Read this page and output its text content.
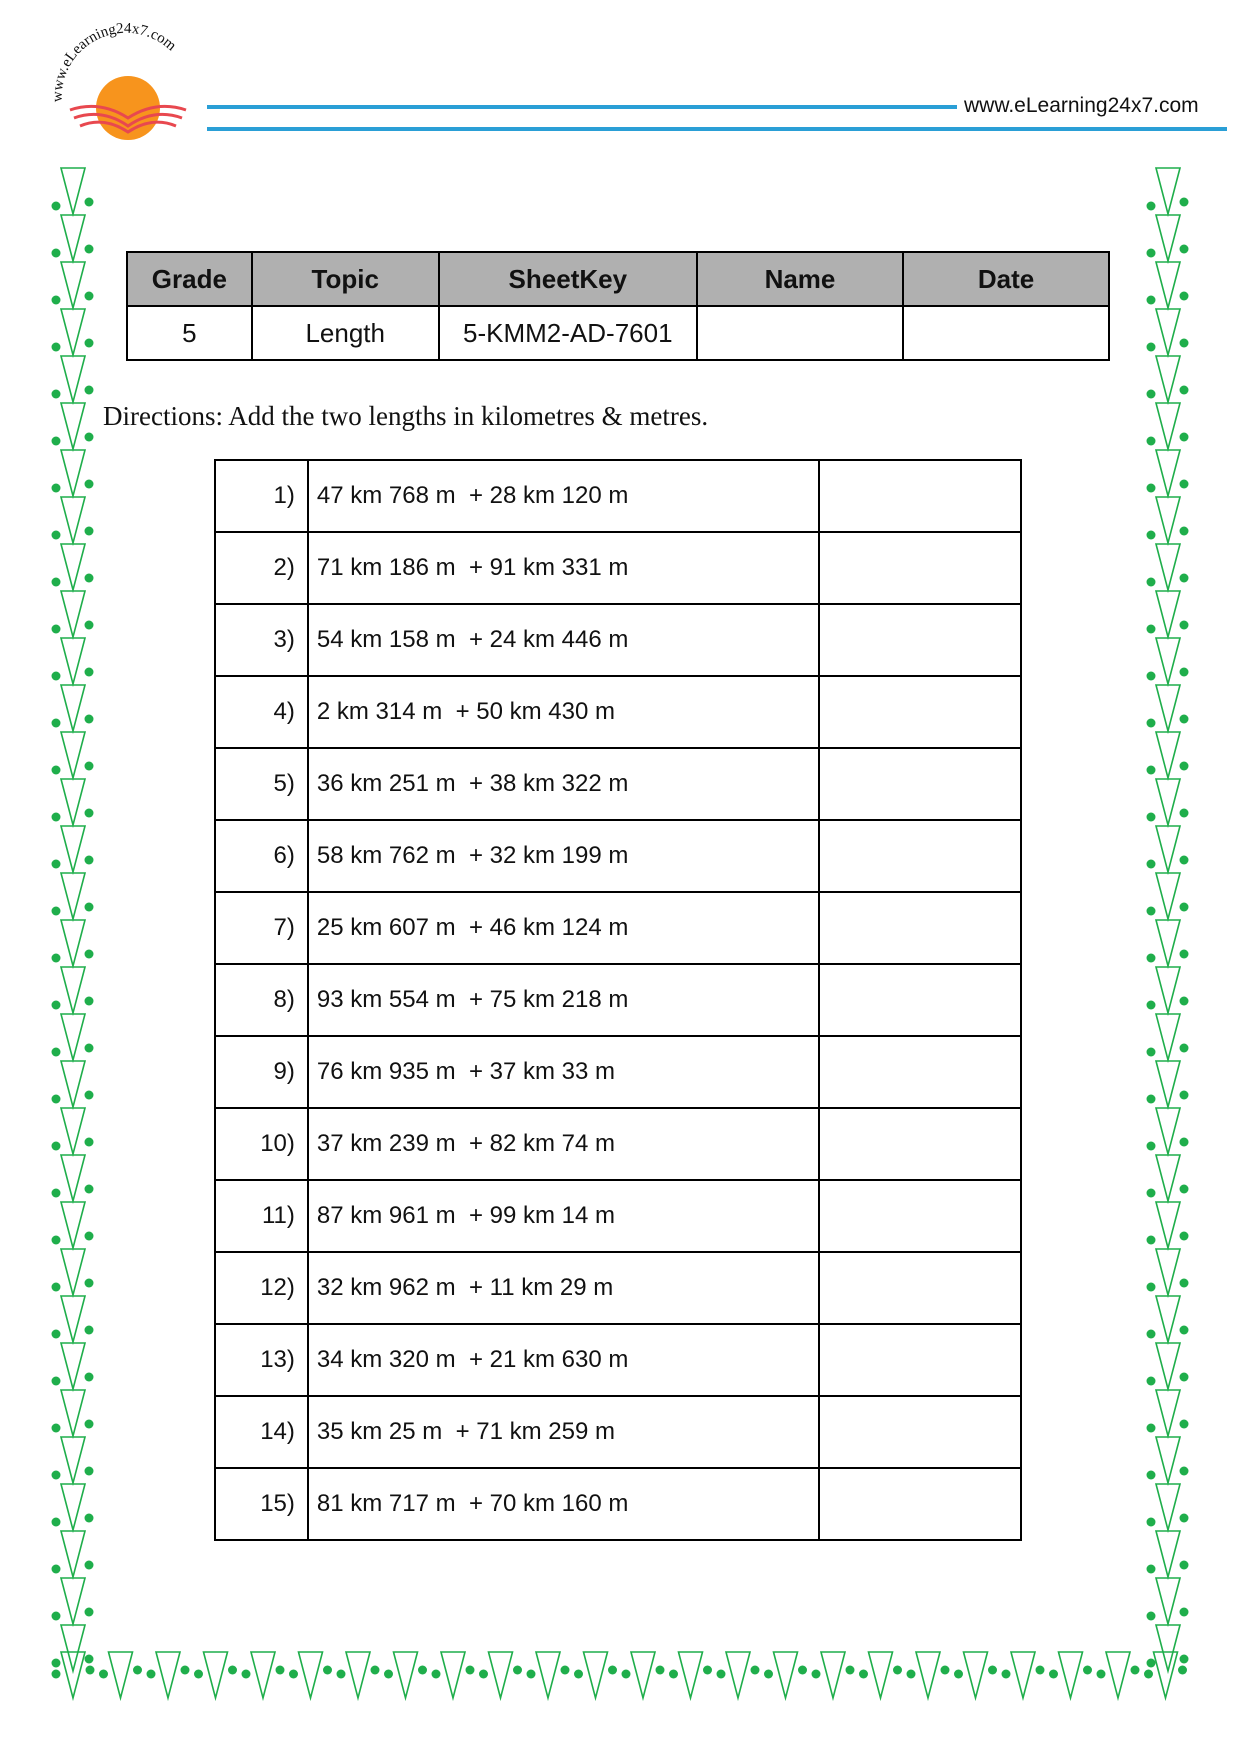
www.eLearning24x7.com
www.eLearning24x7.com
Grade	Topic	SheetKey	Name	Date
5	Length	5-KMM2-AD-7601		
Directions: Add the two lengths in kilometres & metres.
1)	47 km 768 m  + 28 km 120 m	
2)	71 km 186 m  + 91 km 331 m	
3)	54 km 158 m  + 24 km 446 m	
4)	2 km 314 m  + 50 km 430 m	
5)	36 km 251 m  + 38 km 322 m	
6)	58 km 762 m  + 32 km 199 m	
7)	25 km 607 m  + 46 km 124 m	
8)	93 km 554 m  + 75 km 218 m	
9)	76 km 935 m  + 37 km 33 m	
10)	37 km 239 m  + 82 km 74 m	
11)	87 km 961 m  + 99 km 14 m	
12)	32 km 962 m  + 11 km 29 m	
13)	34 km 320 m  + 21 km 630 m	
14)	35 km 25 m  + 71 km 259 m	
15)	81 km 717 m  + 70 km 160 m	
